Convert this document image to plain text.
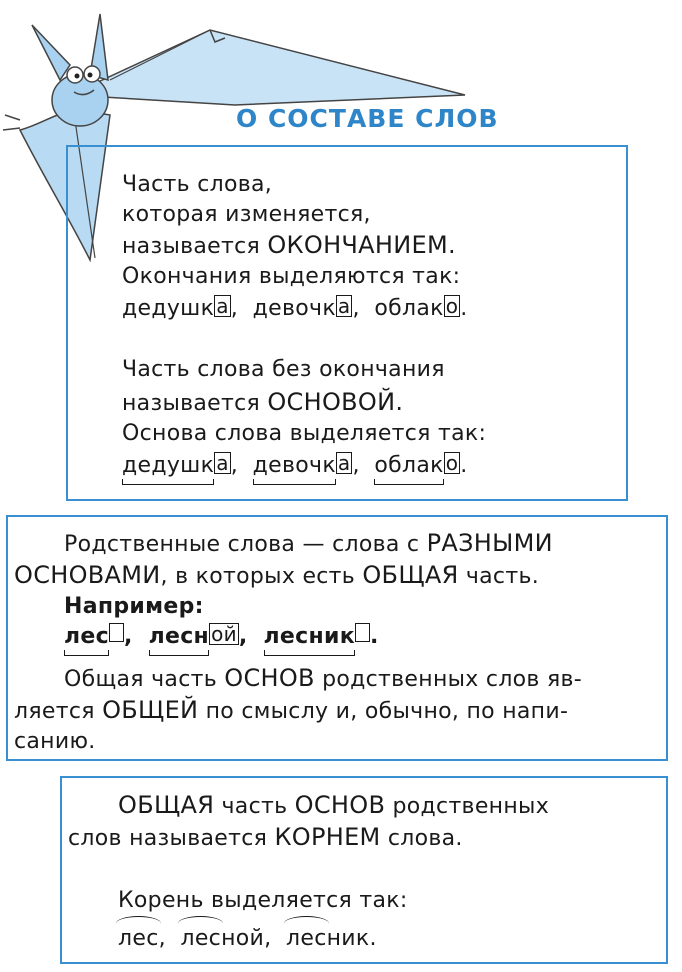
О СОСТАВЕ СЛОВ
Часть слова,
которая изменяется,
называется ОКОНЧАНИЕМ.
Окончания выделяются так:
дедушк а, девочк а, облак о.
Часть слова без окончания
называется ОСНОВОЙ.
Основа слова выделяется так:
дедушк а, девочк а, облак о.
Родственные слова — слова с РАЗНЫМИ
ОСНОВАМИ, в которых есть ОБЩАЯ часть.
Например:
лес , лесн ой, лесник .
Общая часть ОСНОВ родственных слов яв-
ляется ОБЩЕЙ по смыслу и, обычно, по напи-
санию.
ОБЩАЯ часть ОСНОВ родственных
слов называется КОРНЕМ слова.
Корень выделяется так:
лес, лесной, лесник.
